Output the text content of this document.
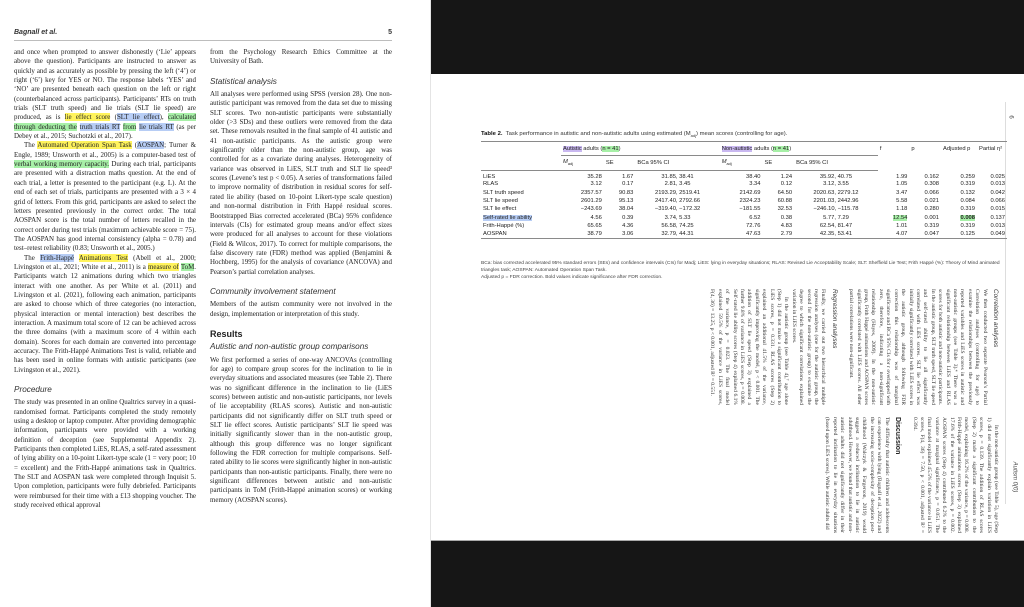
Bagnall et al.	5

and once when prompted to answer dishonestly (‘Lie’ appears above the question). Participants are instructed to answer as quickly and as accurately as possible by pressing the left (‘4’) or right (‘6’) key for YES or NO. The response labels ‘YES’ and ‘NO’ are presented beneath each question on the left or right (counterbalanced across participants). Participants’ RTs on truth trials (SLT truth speed) and lie trials (SLT lie speed) are produced, as is lie effect score (SLT lie effect), calculated through deducting the truth trials RT from lie trials RT (as per Debey et al., 2015; Suchotzki et al., 2017).

The Automated Operation Span Task (AOSPAN; Turner & Engle, 1989; Unsworth et al., 2005) is a computer-based test of verbal working memory capacity. During each trial, participants are presented with a distraction maths question. At the end of each trial, a letter is presented to the participant (e.g. L). At the end of each set of trials, participants are presented with a 3 × 4 grid of letters. From this grid, participants are asked to select the letters presented previously in the correct order. The total AOSPAN score is the total number of letters recalled in the correct order during test trials (maximum achievable score = 75). The AOSPAN has good internal consistency (alpha = 0.78) and test–retest reliability (0.83; Unsworth et al., 2005.)

The Frith-Happé Animations Test (Abell et al., 2000; Livingston et al., 2021; White et al., 2011) is a measure of ToM. Participants watch 12 animations during which two triangles interact with one another. As per White et al. (2011) and Livingston et al. (2021), following each animation, participants are asked to choose which of three categories (no interaction, physical interaction or mental interaction) best describes the interaction. A maximum total score of 12 can be achieved across the three domains (with a maximum score of 4 within each domain). Scores for each domain are converted into percentage accuracy. The Frith-Happé Animations Test is valid, reliable and has been used in online formats with autistic participants (see Livingston et al., 2021).

Procedure

The study was presented in an online Qualtrics survey in a quasi-randomised format. Participants completed the study remotely using a desktop or laptop computer. After providing demographic information, participants were provided with a working definition of deception (see Supplemental Appendix 2). Participants then completed LiES, RLAS, a self-rated assessment of lying ability on a 10-point Likert-type scale (1 = very poor; 10 = excellent) and the Frith-Happé animations task in Qualtrics. The SLT and AOSPAN task were completed through Inquisit 5. Upon completion, participants were fully debriefed. Participants were reimbursed for their time with a £13 shopping voucher. The study received ethical approval

from the Psychology Research Ethics Committee at the University of Bath.

Statistical analysis

All analyses were performed using SPSS (version 28). One non-autistic participant was removed from the data set due to missing SLT scores. Two non-autistic participants were substantially older (>3 SDs) and these outliers were removed from the data set. These removals resulted in the final sample of 41 autistic and 41 non-autistic participants. As the autistic group were significantly older than the non-autistic group, age was controlled for as a covariate during analyses. Heterogeneity of variance was observed in LiES, SLT truth and SLT lie speed³ scores (Levene’s test p < 0.05). A series of transformations failed to improve normality of distribution in residual scores for self-rated lie ability (based on 10-point Likert-type scale question) and non-normal distribution in Frith Happé residual scores. Bootstrapped Bias corrected accelerated (BCa) 95% confidence intervals (CIs) for estimated group means and/or effect sizes were produced for all analyses to account for these violations (Field & Wilcox, 2017). To correct for multiple comparisons, the false discovery rate (FDR) method was applied (Benjamini & Hochberg, 1995) for the analysis of covariance (ANCOVA) and Pearson’s partial correlation analyses.

Community involvement statement

Members of the autism community were not involved in the design, implementation or interpretation of this study.

Results
Autistic and non-autistic group comparisons

We first performed a series of one-way ANCOVAs (controlling for age) to compare group scores for the inclination to lie in everyday situations and associated measures (see Table 2). There was no significant difference in the inclination to lie (LiES scores) between autistic and non-autistic participants, nor levels of lie acceptability (RLAS scores). Autistic and non-autistic participants did not significantly differ on SLT truth speed or SLT lie effect scores. Autistic participants’ SLT lie speed was initially significantly slower than in the non-autistic group, although this group difference was no longer significant following the FDR correction for multiple comparisons. Self-rated ability to lie scores were significantly higher in non-autistic participants than non-autistic participants. Finally, there were no significant differences between autistic and non-autistic participants in ToM (Frith-Happé animation scores) or working memory (AOSPAN scores).

6
Autism 0(0)
Table 2. Task performance in autistic and non-autistic adults using estimated $(M_{adj})$ mean scores (controlling for age).
	Autistic adults (n = 41)			Non-autistic adults (n = 41)			f	p	Adjusted p	Partial η²
	$M_{adj}$	SE	BCa 95% CI	$M_{adj}$	SE	BCa 95% CI				
LiES	35.28	1.67	31.85, 38.41	38.40	1.24	35.92, 40.75	1.99	0.162	0.259	0.025
RLAS	3.12	0.17	2.81, 3.45	3.34	0.12	3.12, 3.55	1.05	0.308	0.319	0.013
SLT truth speed	2357.57	90.83	2193.29, 2519.41	2142.69	64.50	2020.63, 2279.12	3.47	0.066	0.132	0.042
SLT lie speed	2601.29	95.13	2417.40, 2792.66	2324.23	60.88	2201.03, 2442.96	5.58	0.021	0.084	0.066
SLT lie effect	−243.69	38.04	−319.40, −172.32	−181.55	32.53	−246.10, −115.78	1.18	0.280	0.319	0.015
Self-rated lie ability	4.56	0.39	3.74, 5.33	6.52	0.38	5.77, 7.29	12.54	0.001	0.008	0.137
Frith-Happé (%)	65.65	4.36	56.58, 74.25	72.76	4.83	62.54, 81.47	1.01	0.319	0.319	0.013
AOSPAN	38.79	3.06	32.79, 44.31	47.63	2.79	42.35, 53.41	4.07	0.047	0.125	0.049
BCa: bias corrected accelerated 95% standard errors (SEs) and confidence intervals (CIs) for Madj; LiES: lying in everyday situations; RLAS: Revised Lie Acceptability Scale; SLT: Sheffield Lie Test; Frith Happé (%): Theory of Mind animated triangles task; AOSPAN: Automated Operation Span Task.
Adjusted p = FDR correction. Bold values indicate significance after FDR correction.
Correlation analyses

We then conducted two separate Pearson’s Partial Correlation analyses (controlling for age) to examine the relationships between the previously reported variables and LiES scores in autistic and non-autistic groups (see Table 3).⁴ There was a significant relationship between LiES and RLAS scores for both autistic and non-autistic participants. In the autistic group, SLT truth speed, SLT lie speed and self-rated ability to lie all significantly correlated with LiES scores. SLT lie effect was initially significantly correlated with LiES scores in the autistic group, although following FDR correction this relationship was of marginal significance and BCa 95% CIs for r overlapped with zero, therefore, indicating a non-significant relationship (Hayes, 2009). In the non-autistic group, Frith Happé animations and AOSPAN scores significantly correlated with LiES scores. All other partial correlations were non-significant.

Regression analyses

Finally, we carried out two hierarchical multiple regression analyses (one for the autistic group, the second for the non-autistic group) to examine the degree to which significant correlations explained variation in LiES scores.

In the autistic group (see Table 4),⁷ age alone (Step 1) did not make a significant contribution to LiES scores, p = 0.331. RLAS scores (Step 2) explained an additional 41.5% of the variance, significantly improving the model, p < 0.001. The addition of SLT lie speed (Step 3) explained a further 9.8% of variance in LiES scores, p = 0.008. Self-rated lie ability scores (Step 4) explained 6.1% of the variance, p = 0.023. The final model explained 59.5% of the variance in LiES scores, F(4, 36) = 13.25, p < 0.001, adjusted R² = 0.551.

In the non-autistic group (see Table 5), age (Step 1) did not significantly explain variation in LiES scores, p = 0.139. The addition of RLAS scores (Step 2) made a significant contribution to the model, explaining 16.2% of the variance, p = 0.008. Frith-Happé animations scores (Step 3) explained 17.6% of the variance in LiES scores, p = 0.002. AOSPAN scores (Step 4) contributed 6.2% to the variance at marginal significance, p = 0.051. The final model explained 45.5% of the variance in LiES scores, F(4, 36) = 7.50, p < 0.001, adjusted R² = 0.394.

Discussion

The difficulty that autistic children and adolescents can experience with lying (Bagnall et al., 2022) and the increasing socio-complexity of deception post-childhood (Walczyk & Fargerson, 2019) would suggest a reduced inclination to lie in autistic adulthood. However, we found that autistic and non-autistic adults did not significantly differ in their reported inclination to lie in everyday situations (based upon LiES scores). While autistic adults did
